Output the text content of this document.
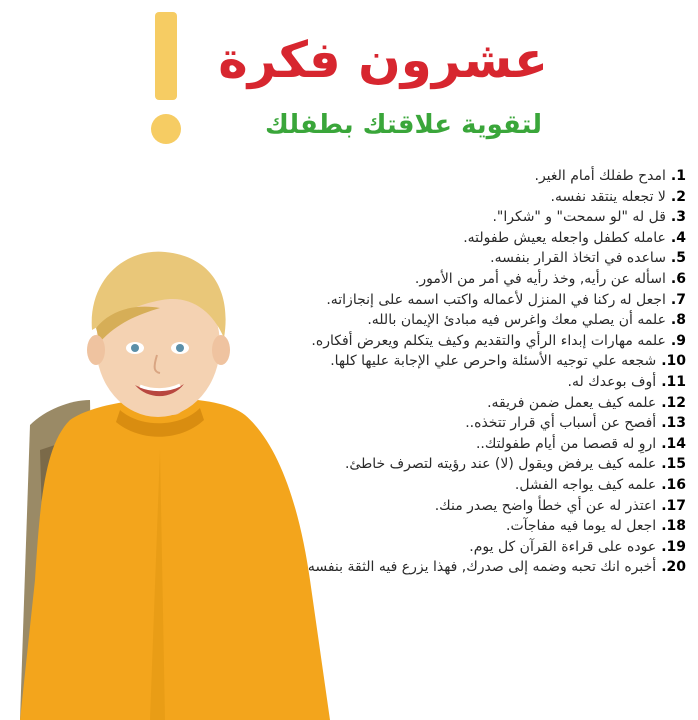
عشرون فكرة
لتقوية علاقتك بطفلك
1.امدح طفلك أمام الغير.
2.لا تجعله ينتقد نفسه.
3.قل له "لو سمحت" و "شكرا".
4.عامله كطفل واجعله يعيش طفولته.
5.ساعده في اتخاذ القرار بنفسه.
6.اسأله عن رأيه, وخذ رأيه في أمر من الأمور.
7.اجعل له ركنا في المنزل لأعماله واكتب اسمه على إنجازاته.
8.علمه أن يصلي معك واغرس فيه مبادئ الإيمان بالله.
9.علمه مهارات إبداء الرأي والتقديم وكيف يتكلم ويعرض أفكاره.
10.شجعه علي توجيه الأسئلة واحرص علي الإجابة عليها كلها.
11.أوف بوعدك له.
12.علمه كيف يعمل ضمن فريقه.
13.أفصح عن أسباب أي قرار تتخذه..
14.اروِ له قصصا من أيام طفولتك..
15.علمه كيف يرفض ويقول (لا) عند رؤيته لتصرف خاطئ.
16.علمه كيف يواجه الفشل.
17.اعتذر له عن أي خطأ واضح يصدر منك.
18.اجعل له يوما فيه مفاجآت.
19.عوده على قراءة القرآن كل يوم.
20.أخبره انك تحبه وضمه إلى صدرك, فهذا يزرع فيه الثقة بنفسه
